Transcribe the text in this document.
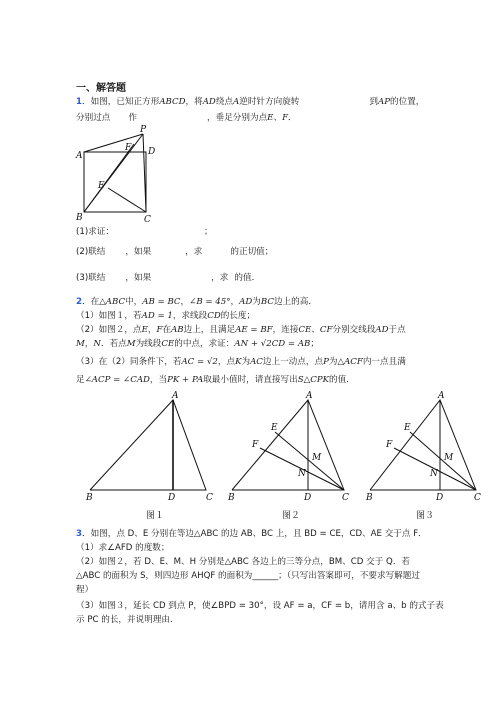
一、解答题
1．如图，已知正方形ABCD，将AD绕点A逆时针方向旋转	到AP的位置，
分别过点 作	，垂足分别为点E、F．
P
F D
A
E
B	C
(1)求证：	；
(2)联结 ，如果	，求	的正切值；
(3)联结 ，如果	，求 的值．
2．在△ABC中，AB = BC，∠B = 45°，AD为BC边上的高．
（1）如图１，若AD = 1，求线段CD的长度；
（2）如图２，点E，F在AB边上，且满足AE = BF，连接CE、CF分别交线段AD于点
M，N．若点M为线段CE的中点，求证：AN + √2CD = AB；
（3）在（2）同条件下，若AC = √2，点K为AC边上一动点，点P为△ACF内一点且满
足∠ACP = ∠CAD，当PK + PA取最小值时，请直接写出S△CPK的值．
A
B	C
D
A
B	C
D
E
F
M
N
A
B	C
D
E
F
M
N
图１	图２	图３
3．如图，点 D、E 分别在等边△ABC 的边 AB、BC 上，且 BD = CE，CD、AE 交于点 F．
（1）求∠AFD 的度数；
（2）如图２，若 D、E、M、H 分别是△ABC 各边上的三等分点，BM、CD 交于 Q．若
△ABC 的面积为 S，则四边形 AHQF 的面积为______；（只写出答案即可，不要求写解题过
程）
（3）如图３，延长 CD 到点 P，使∠BPD = 30°，设 AF = a，CF = b，请用含 a、b 的式子表
示 PC 的长，并说明理由．
